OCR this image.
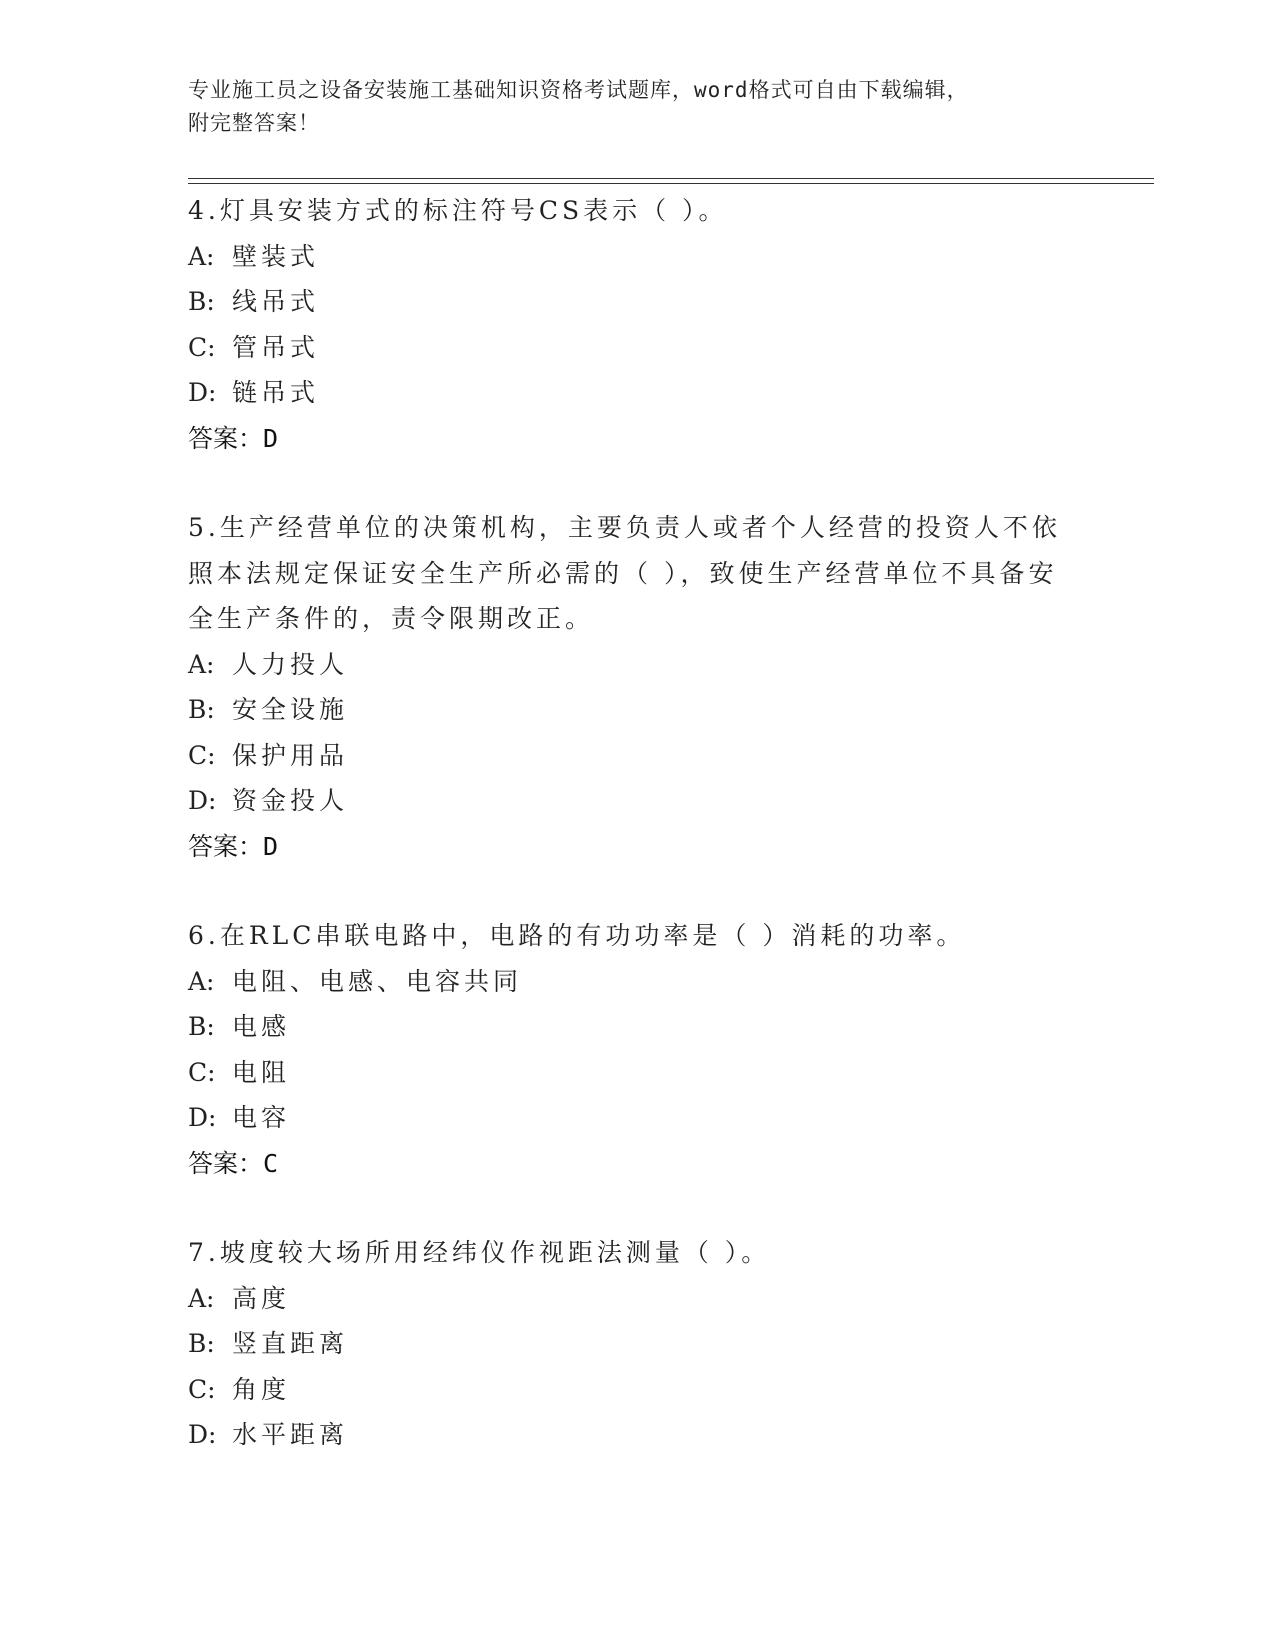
专业施工员之设备安装施工基础知识资格考试题库，word格式可自由下载编辑，
附完整答案！

4.灯具安装方式的标注符号CS表示（ ）。

A: 壁装式

B: 线吊式

C: 管吊式

D: 链吊式

答案：D

5.生产经营单位的决策机构，主要负责人或者个人经营的投资人不依

照本法规定保证安全生产所必需的（ ），致使生产经营单位不具备安

全生产条件的，责令限期改正。

A: 人力投人

B: 安全设施

C: 保护用品

D: 资金投人

答案：D

6.在RLC串联电路中，电路的有功功率是（ ）消耗的功率。

A: 电阻、电感、电容共同

B: 电感

C: 电阻

D: 电容

答案：C

7.坡度较大场所用经纬仪作视距法测量（ ）。

A: 高度

B: 竖直距离

C: 角度

D: 水平距离
